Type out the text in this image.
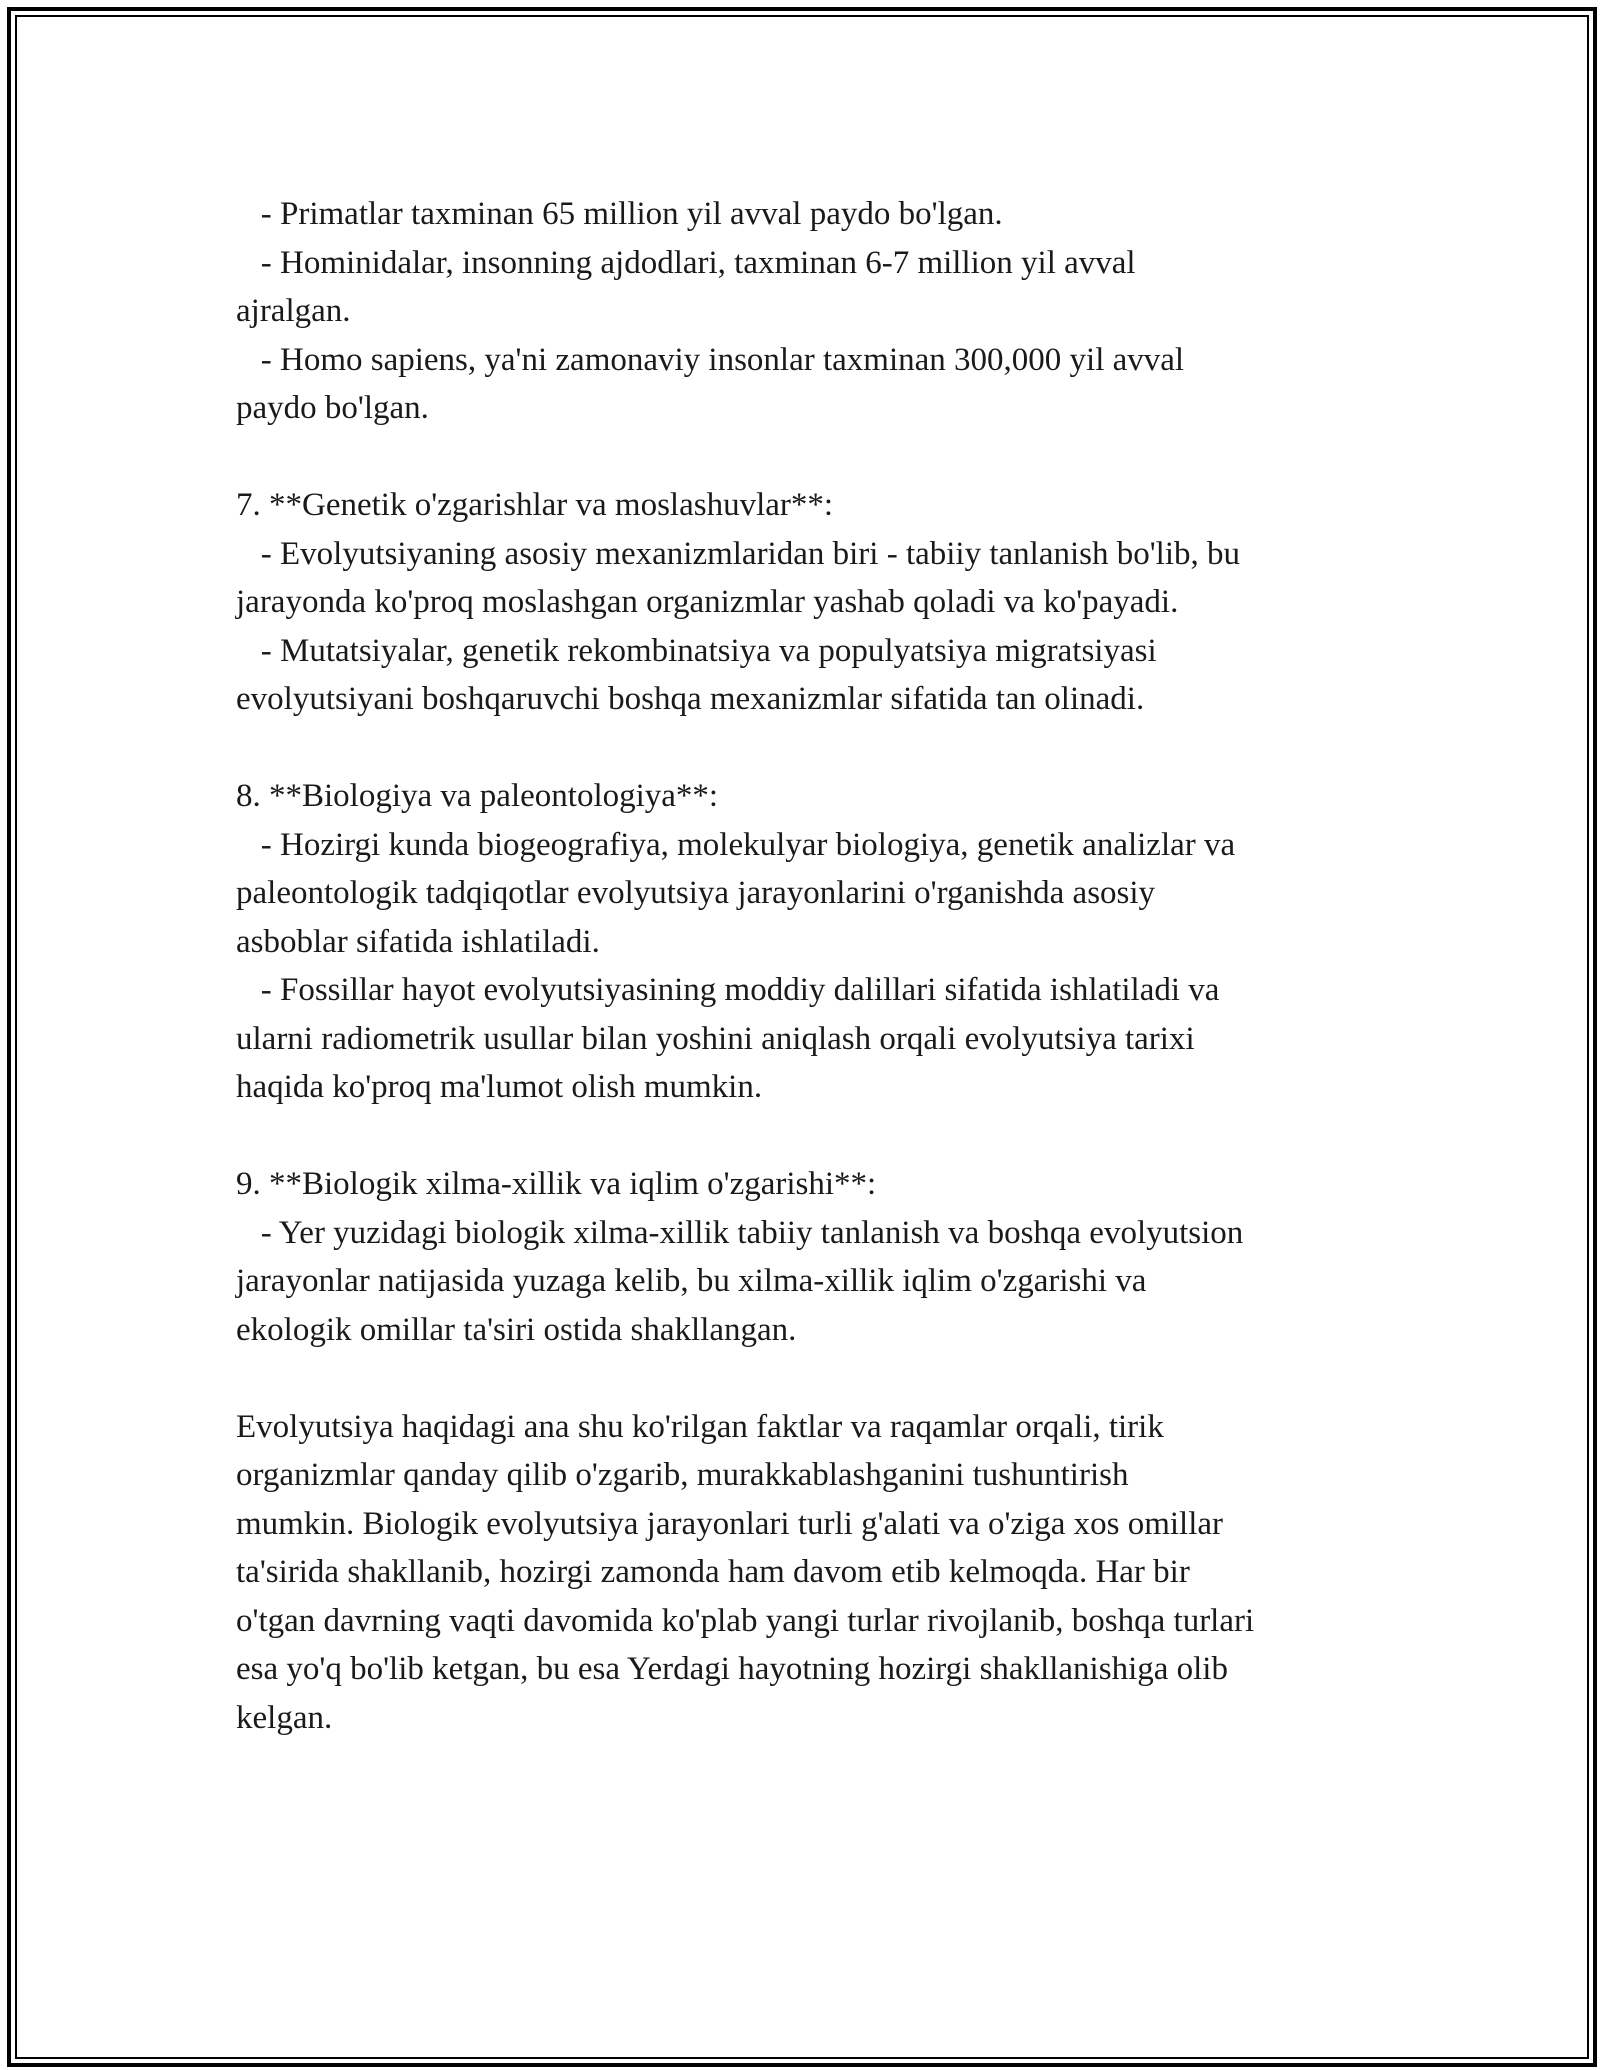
- Primatlar taxminan 65 million yil avval paydo bo'lgan.
- Hominidalar, insonning ajdodlari, taxminan 6-7 million yil avval
ajralgan.
- Homo sapiens, ya'ni zamonaviy insonlar taxminan 300,000 yil avval
paydo bo'lgan.
7. **Genetik o'zgarishlar va moslashuvlar**:
- Evolyutsiyaning asosiy mexanizmlaridan biri - tabiiy tanlanish bo'lib, bu
jarayonda ko'proq moslashgan organizmlar yashab qoladi va ko'payadi.
- Mutatsiyalar, genetik rekombinatsiya va populyatsiya migratsiyasi
evolyutsiyani boshqaruvchi boshqa mexanizmlar sifatida tan olinadi.
8. **Biologiya va paleontologiya**:
- Hozirgi kunda biogeografiya, molekulyar biologiya, genetik analizlar va
paleontologik tadqiqotlar evolyutsiya jarayonlarini o'rganishda asosiy
asboblar sifatida ishlatiladi.
- Fossillar hayot evolyutsiyasining moddiy dalillari sifatida ishlatiladi va
ularni radiometrik usullar bilan yoshini aniqlash orqali evolyutsiya tarixi
haqida ko'proq ma'lumot olish mumkin.
9. **Biologik xilma-xillik va iqlim o'zgarishi**:
- Yer yuzidagi biologik xilma-xillik tabiiy tanlanish va boshqa evolyutsion
jarayonlar natijasida yuzaga kelib, bu xilma-xillik iqlim o'zgarishi va
ekologik omillar ta'siri ostida shakllangan.
Evolyutsiya haqidagi ana shu ko'rilgan faktlar va raqamlar orqali, tirik
organizmlar qanday qilib o'zgarib, murakkablashganini tushuntirish
mumkin. Biologik evolyutsiya jarayonlari turli g'alati va o'ziga xos omillar
ta'sirida shakllanib, hozirgi zamonda ham davom etib kelmoqda. Har bir
o'tgan davrning vaqti davomida ko'plab yangi turlar rivojlanib, boshqa turlari
esa yo'q bo'lib ketgan, bu esa Yerdagi hayotning hozirgi shakllanishiga olib
kelgan.
